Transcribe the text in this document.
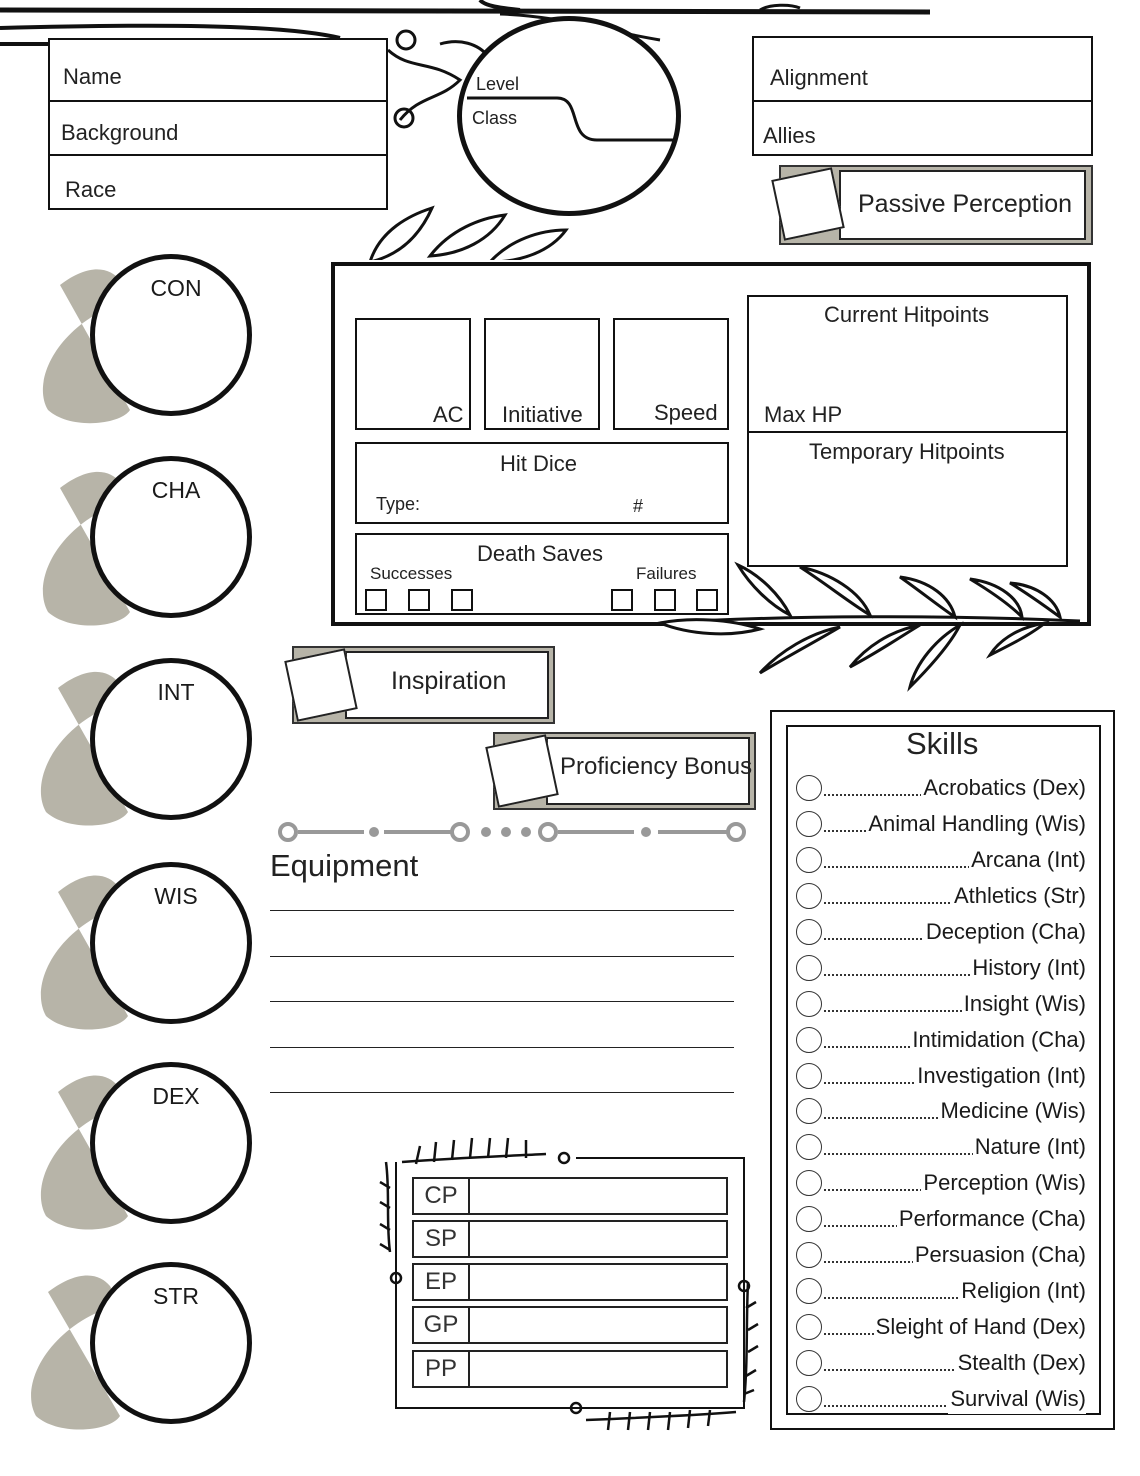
Name
Background
Race
Level
Class
Alignment
Allies
Passive Perception
CON
CHA
INT
WIS
DEX
STR
AC Initiative	Speed
Current Hitpoints
Max HP
Temporary Hitpoints
Hit Dice
Type:	#
Death Saves
Successes	Failures
Inspiration
Proficiency Bonus
Equipment
CP
SP
EP
GP
PP
Skills
Acrobatics (Dex)
Animal Handling (Wis)
Arcana (Int)
Athletics (Str)
Deception (Cha)
History (Int)
Insight (Wis)
Intimidation (Cha)
Investigation (Int)
Medicine (Wis)
Nature (Int)
Perception (Wis)
Performance (Cha)
Persuasion (Cha)
Religion (Int)
Sleight of Hand (Dex)
Stealth (Dex)
Survival (Wis)
